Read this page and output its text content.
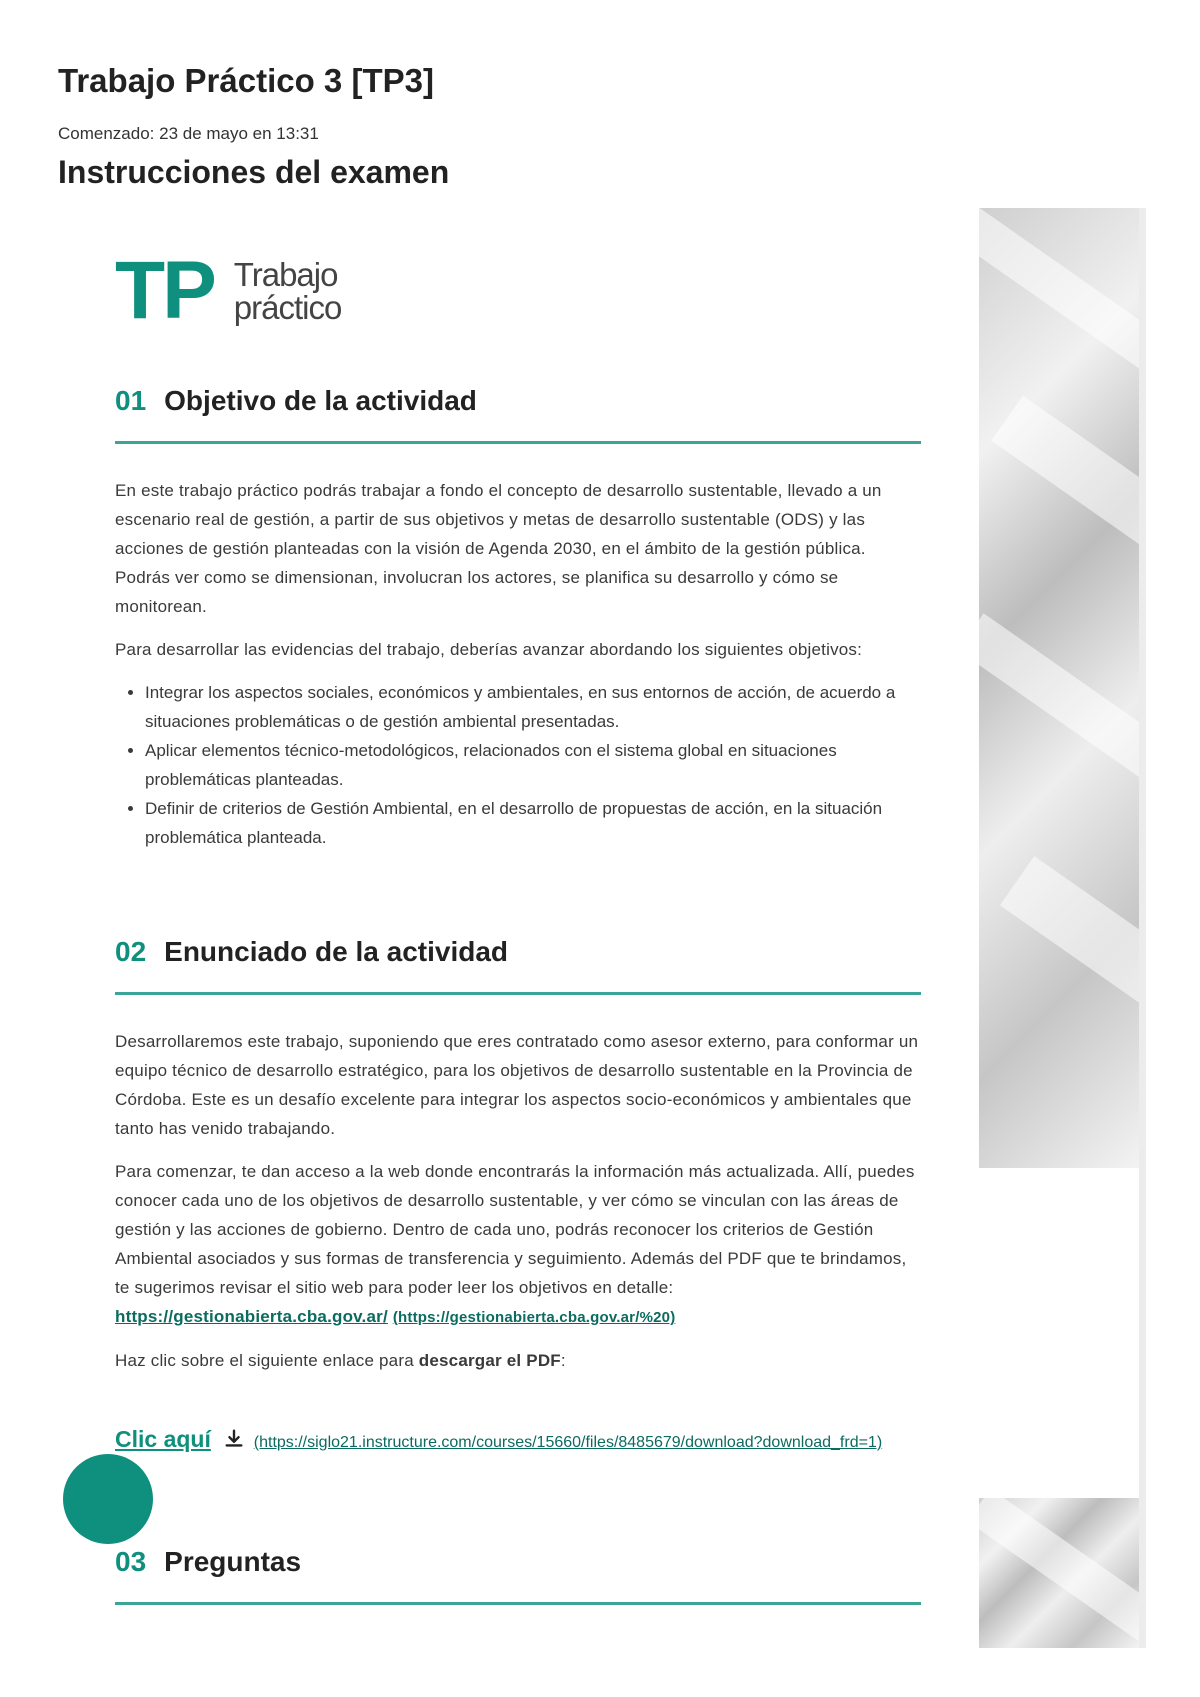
Trabajo Práctico 3 [TP3]
Comenzado: 23 de mayo en 13:31
Instrucciones del examen
TP Trabajo
práctico
01 Objetivo de la actividad

En este trabajo práctico podrás trabajar a fondo el concepto de desarrollo sustentable, llevado a un escenario real de gestión, a partir de sus objetivos y metas de desarrollo sustentable (ODS) y las acciones de gestión planteadas con la visión de Agenda 2030, en el ámbito de la gestión pública. Podrás ver como se dimensionan, involucran los actores, se planifica su desarrollo y cómo se monitorean.

Para desarrollar las evidencias del trabajo, deberías avanzar abordando los siguientes objetivos:

• Integrar los aspectos sociales, económicos y ambientales, en sus entornos de acción, de acuerdo a situaciones problemáticas o de gestión ambiental presentadas.
• Aplicar elementos técnico-metodológicos, relacionados con el sistema global en situaciones problemáticas planteadas.
• Definir de criterios de Gestión Ambiental, en el desarrollo de propuestas de acción, en la situación problemática planteada.
02 Enunciado de la actividad

Desarrollaremos este trabajo, suponiendo que eres contratado como asesor externo, para conformar un equipo técnico de desarrollo estratégico, para los objetivos de desarrollo sustentable en la Provincia de Córdoba. Este es un desafío excelente para integrar los aspectos socio-económicos y ambientales que tanto has venido trabajando.

Para comenzar, te dan acceso a la web donde encontrarás la información más actualizada. Allí, puedes conocer cada uno de los objetivos de desarrollo sustentable, y ver cómo se vinculan con las áreas de gestión y las acciones de gobierno. Dentro de cada uno, podrás reconocer los criterios de Gestión Ambiental asociados y sus formas de transferencia y seguimiento. Además del PDF que te brindamos, te sugerimos revisar el sitio web para poder leer los objetivos en detalle: https://gestionabierta.cba.gov.ar/ (https://gestionabierta.cba.gov.ar/%20)

Haz clic sobre el siguiente enlace para descargar el PDF:

Clic aquí	(https://siglo21.instructure.com/courses/15660/files/8485679/download?download_frd=1)
03 Preguntas
